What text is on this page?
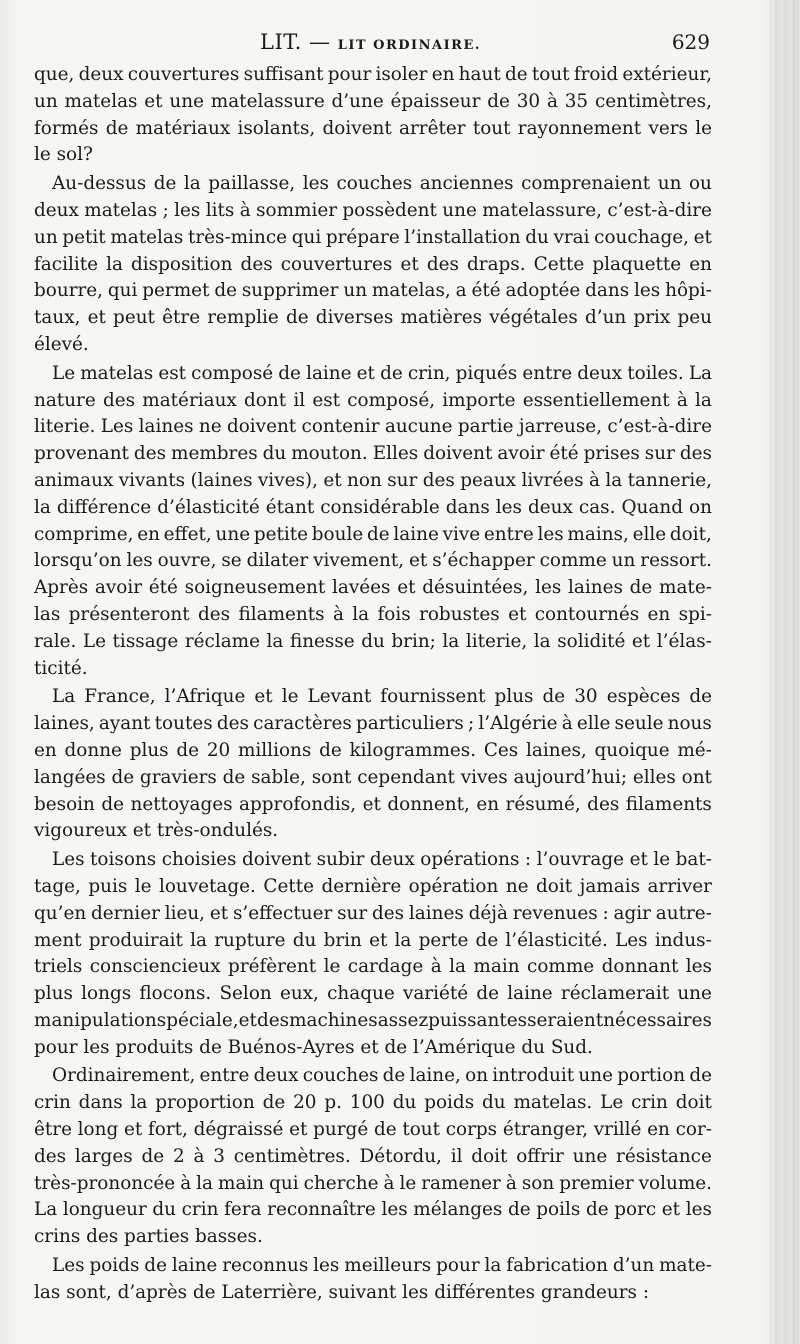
LIT. — LIT ORDINAIRE.	629
que, deux couvertures suffisant pour isoler en haut de tout froid extérieur,
un matelas et une matelassure d’une épaisseur de 30 à 35 centimètres,
formés de matériaux isolants, doivent arrêter tout rayonnement vers le
le sol?
Au-dessus de la paillasse, les couches anciennes comprenaient un ou
deux matelas ; les lits à sommier possèdent une matelassure, c’est-à-dire
un petit matelas très-mince qui prépare l’installation du vrai couchage, et
facilite la disposition des couvertures et des draps. Cette plaquette en
bourre, qui permet de supprimer un matelas, a été adoptée dans les hôpi-
taux, et peut être remplie de diverses matières végétales d’un prix peu
élevé.
Le matelas est composé de laine et de crin, piqués entre deux toiles. La
nature des matériaux dont il est composé, importe essentiellement à la
literie. Les laines ne doivent contenir aucune partie jarreuse, c’est-à-dire
provenant des membres du mouton. Elles doivent avoir été prises sur des
animaux vivants (laines vives), et non sur des peaux livrées à la tannerie,
la différence d’élasticité étant considérable dans les deux cas. Quand on
comprime, en effet, une petite boule de laine vive entre les mains, elle doit,
lorsqu’on les ouvre, se dilater vivement, et s’échapper comme un ressort.
Après avoir été soigneusement lavées et désuintées, les laines de mate-
las présenteront des filaments à la fois robustes et contournés en spi-
rale. Le tissage réclame la finesse du brin; la literie, la solidité et l’élas-
ticité.
La France, l’Afrique et le Levant fournissent plus de 30 espèces de
laines, ayant toutes des caractères particuliers ; l’Algérie à elle seule nous
en donne plus de 20 millions de kilogrammes. Ces laines, quoique mé-
langées de graviers de sable, sont cependant vives aujourd’hui; elles ont
besoin de nettoyages approfondis, et donnent, en résumé, des filaments
vigoureux et très-ondulés.
Les toisons choisies doivent subir deux opérations : l’ouvrage et le bat-
tage, puis le louvetage. Cette dernière opération ne doit jamais arriver
qu’en dernier lieu, et s’effectuer sur des laines déjà revenues : agir autre-
ment produirait la rupture du brin et la perte de l’élasticité. Les indus-
triels consciencieux préfèrent le cardage à la main comme donnant les
plus longs flocons. Selon eux, chaque variété de laine réclamerait une
manipulation spéciale, et des machines assez puissantes seraient nécessaires
pour les produits de Buénos-Ayres et de l’Amérique du Sud.
Ordinairement, entre deux couches de laine, on introduit une portion de
crin dans la proportion de 20 p. 100 du poids du matelas. Le crin doit
être long et fort, dégraissé et purgé de tout corps étranger, vrillé en cor-
des larges de 2 à 3 centimètres. Détordu, il doit offrir une résistance
très-prononcée à la main qui cherche à le ramener à son premier volume.
La longueur du crin fera reconnaître les mélanges de poils de porc et les
crins des parties basses.
Les poids de laine reconnus les meilleurs pour la fabrication d’un mate-
las sont, d’après de Laterrière, suivant les différentes grandeurs :
